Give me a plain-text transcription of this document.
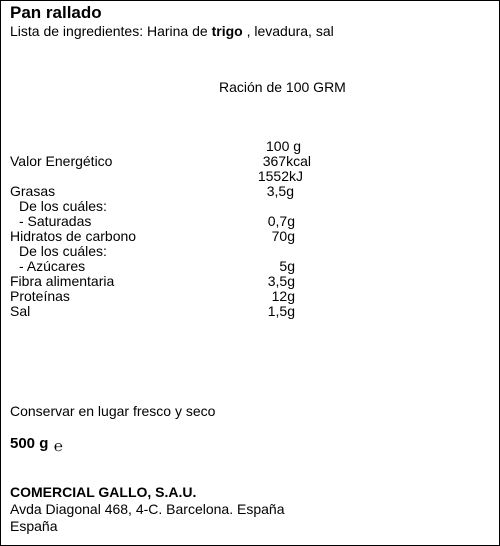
Pan rallado
Lista de ingredientes: Harina de trigo , levadura, sal
Ración de 100 GRM
100 g
Valor Energético	367kcal
1552kJ
Grasas	3,5g
De los cuáles:
- Saturadas	0,7g
Hidratos de carbono	70g
De los cuáles:
- Azúcares	5g
Fibra alimentaria	3,5g
Proteínas	12g
Sal	1,5g
Conservar en lugar fresco y seco
500 g ℮
COMERCIAL GALLO, S.A.U.
Avda Diagonal 468, 4-C. Barcelona. España
España
